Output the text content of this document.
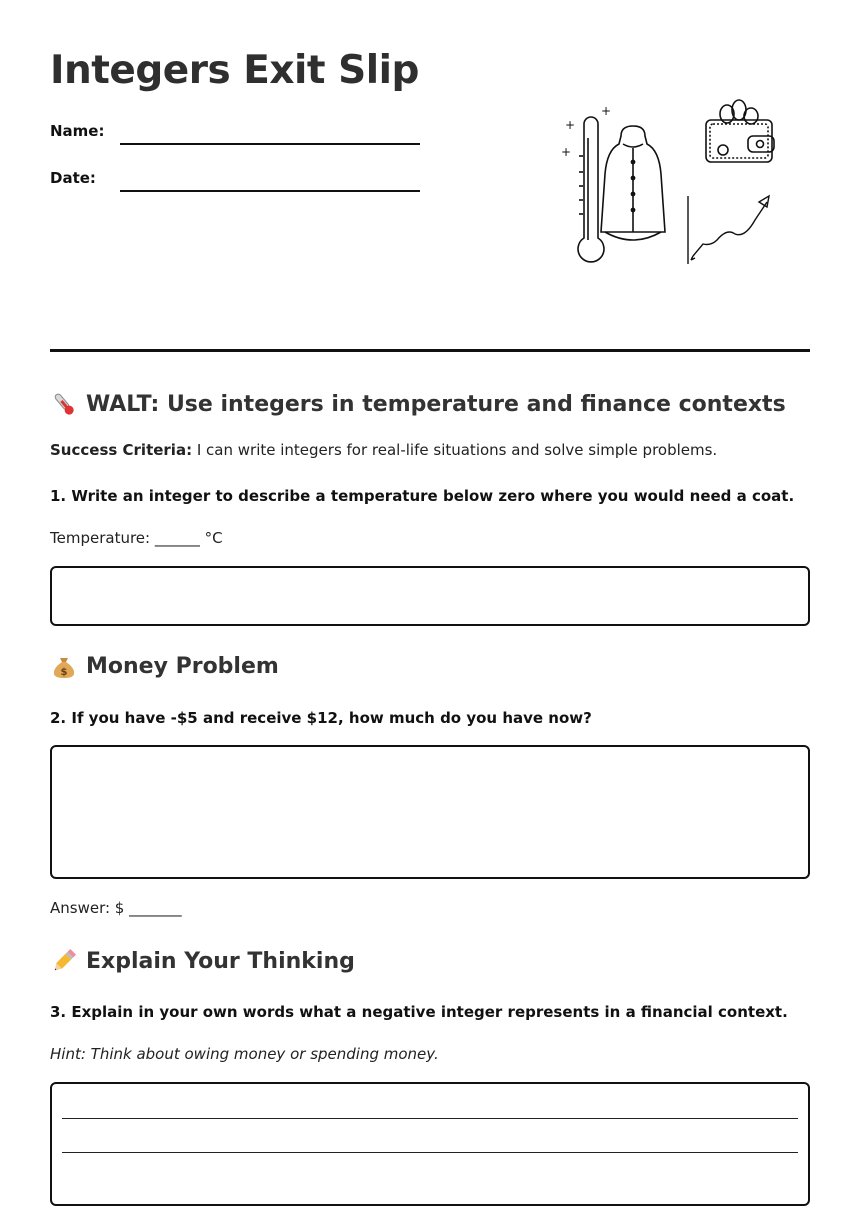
Integers Exit Slip
Name:
Date:
+
+
+
WALT: Use integers in temperature and finance contexts
Success Criteria: I can write integers for real-life situations and solve simple problems.
1. Write an integer to describe a temperature below zero where you would need a coat.
Temperature: ______ °C
$ Money Problem
2. If you have -$5 and receive $12, how much do you have now?
Answer: $ _______
Explain Your Thinking
3. Explain in your own words what a negative integer represents in a financial context.
Hint: Think about owing money or spending money.
